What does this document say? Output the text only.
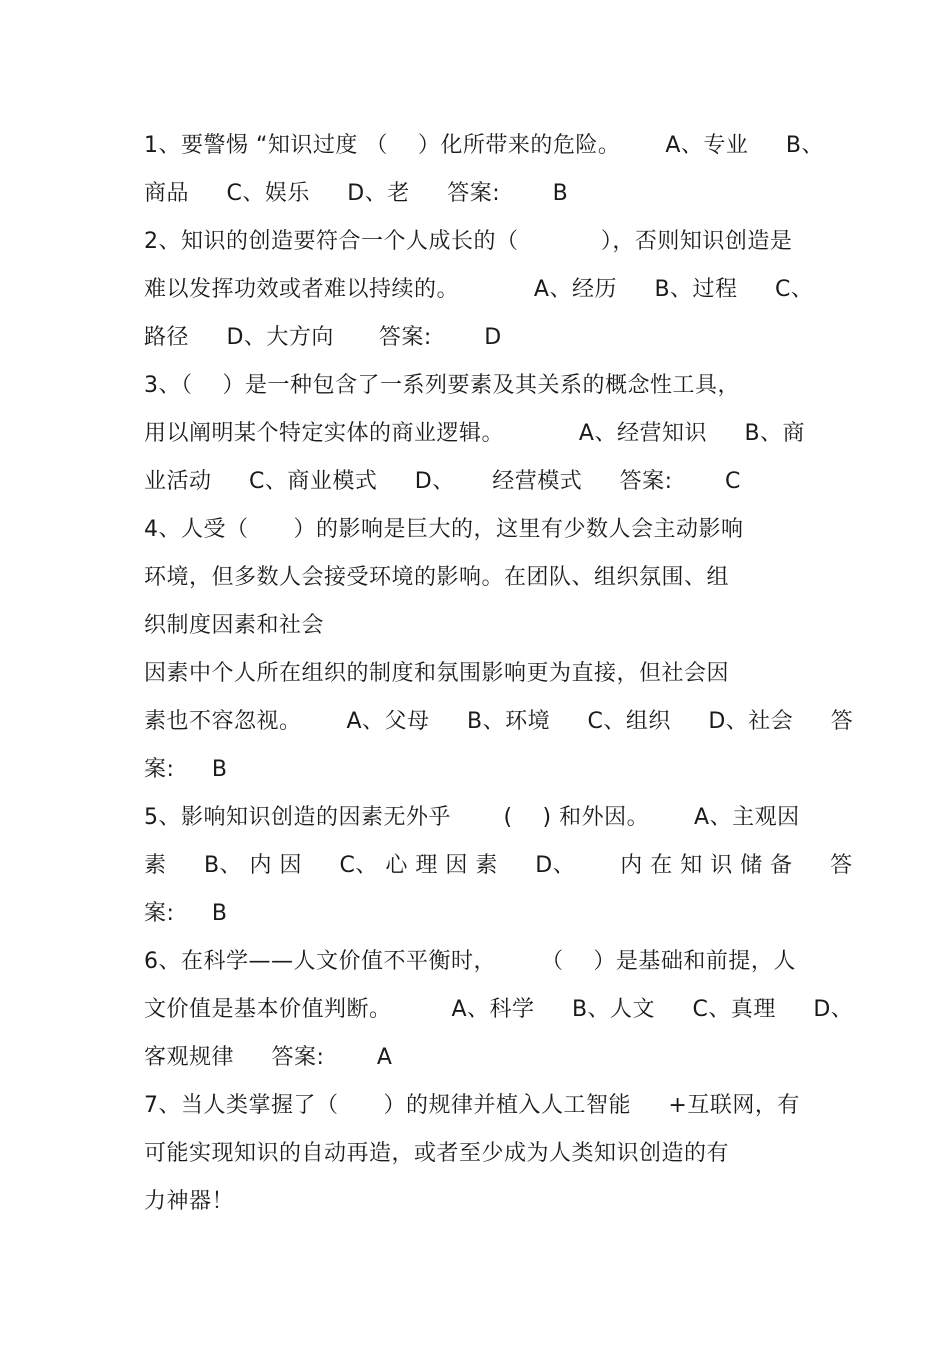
1、要警惕 “知识过度 （    ）化所带来的危险。      A、专业     B、
商品     C、娱乐     D、老     答案:       B
2、知识的创造要符合一个人成长的（           ），否则知识创造是
难以发挥功效或者难以持续的。          A、经历     B、过程     C、
路径     D、大方向      答案:       D
3、（    ）是一种包含了一系列要素及其关系的概念性工具，
用以阐明某个特定实体的商业逻辑。          A、经营知识     B、商
业活动     C、商业模式     D、     经营模式     答案:       C
4、人受（      ）的影响是巨大的，这里有少数人会主动影响
环境，但多数人会接受环境的影响。在团队、组织氛围、组
织制度因素和社会
因素中个人所在组织的制度和氛围影响更为直接，但社会因
素也不容忽视。      A、父母     B、环境     C、组织     D、社会     答
案:     B
5、影响知识创造的因素无外乎       (    ) 和外因。      A、主观因
素     B、 内 因     C、 心 理 因 素     D、      内 在 知 识 储 备     答
案:     B
6、在科学——人文价值不平衡时，      （    ）是基础和前提，人
文价值是基本价值判断。        A、科学     B、人文     C、真理     D、
客观规律     答案:       A
7、当人类掌握了（      ）的规律并植入人工智能     +互联网，有
可能实现知识的自动再造，或者至少成为人类知识创造的有
力神器！
